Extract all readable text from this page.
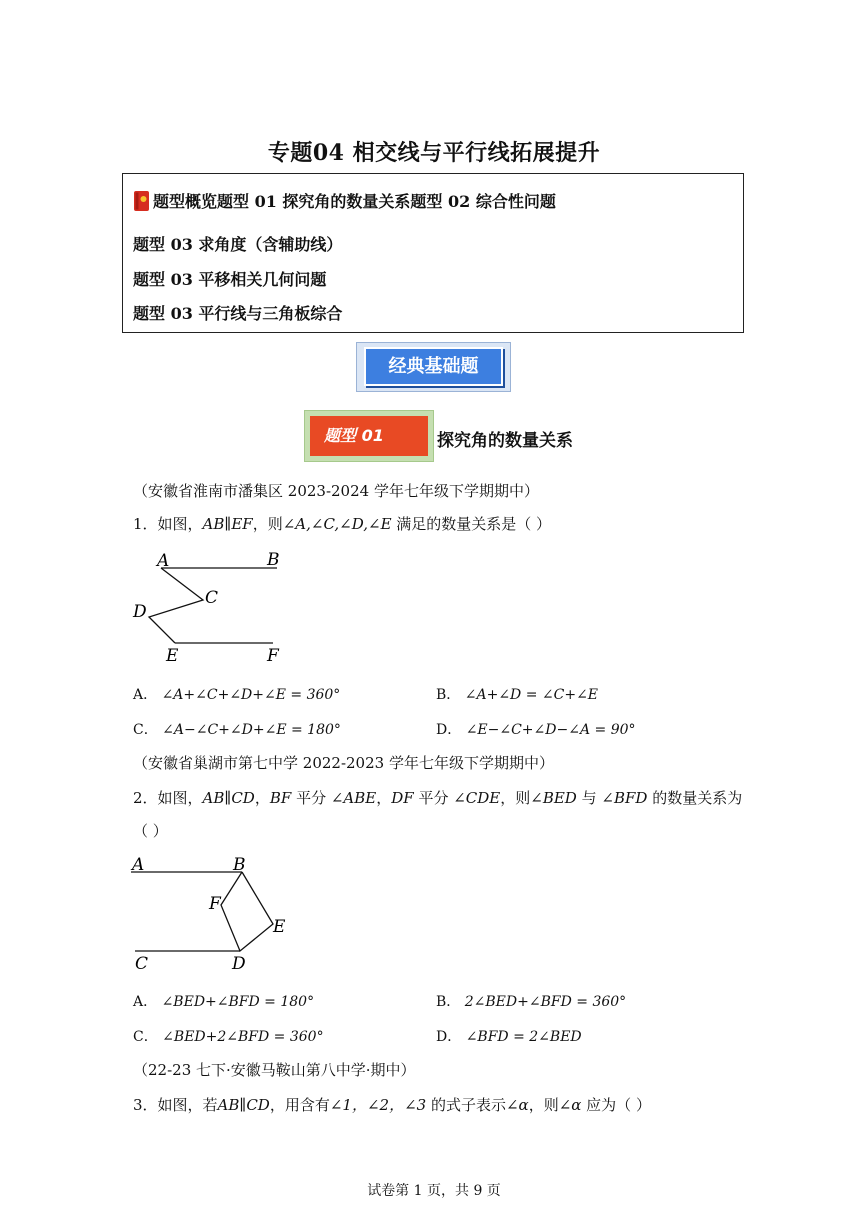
专题04 相交线与平行线拓展提升
题型概览题型 01 探究角的数量关系题型 02 综合性问题
题型 03 求角度（含辅助线）
题型 03 平移相关几何问题
题型 03 平行线与三角板综合
经典基础题
题型 01	探究角的数量关系
（安徽省淮南市潘集区 2023-2024 学年七年级下学期期中）
1．如图，AB∥EF，则∠A,∠C,∠D,∠E 满足的数量关系是（ ）
A	B
C
D
E	F
A． ∠A+∠C+∠D+∠E = 360°	B． ∠A+∠D = ∠C+∠E
C． ∠A−∠C+∠D+∠E = 180°	D． ∠E−∠C+∠D−∠A = 90°
（安徽省巢湖市第七中学 2022-2023 学年七年级下学期期中）
2．如图，AB∥CD，BF 平分 ∠ABE，DF 平分 ∠CDE，则∠BED 与 ∠BFD 的数量关系为
（ ）
A	B
F
E
C	D
A． ∠BED+∠BFD = 180°	B． 2∠BED+∠BFD = 360°
C． ∠BED+2∠BFD = 360°	D． ∠BFD = 2∠BED
（22-23 七下·安徽马鞍山第八中学·期中）
3．如图，若AB∥CD，用含有∠1，∠2，∠3 的式子表示∠α，则∠α 应为（ ）
试卷第 1 页，共 9 页
